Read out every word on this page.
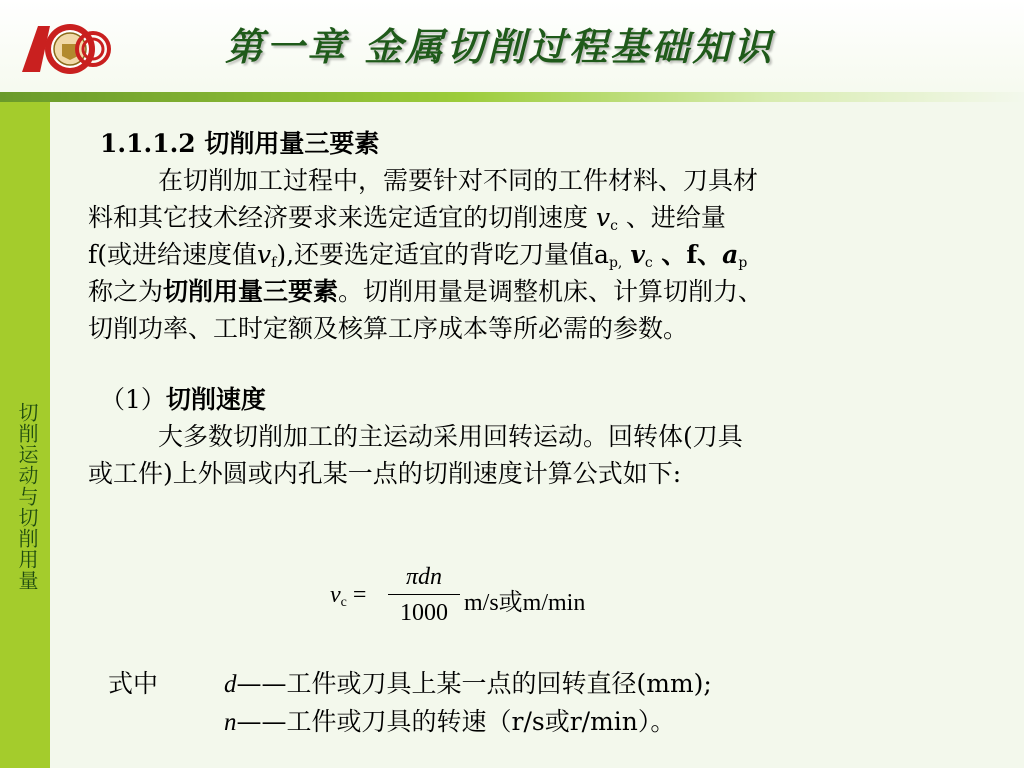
第一章 金属切削过程基础知识
切削运动与切削用量
1.1.1.2 切削用量三要素
在切削加工过程中，需要针对不同的工件材料、刀具材
料和其它技术经济要求来选定适宜的切削速度 $v_c$ 、进给量
f(或进给速度值$v_f$),还要选定适宜的背吃刀量值$a_{p,}$ $v_c$ 、f、$a_p$
称之为切削用量三要素。切削用量是调整机床、计算切削力、
切削功率、工时定额及核算工序成本等所必需的参数。
（1）切削速度
大多数切削加工的主运动采用回转运动。回转体(刀具
或工件)上外圆或内孔某一点的切削速度计算公式如下:
$v_c$ =
πdn
1000 m/s或m/min
式中	d——工件或刀具上某一点的回转直径(mm);
n——工件或刀具的转速（r/s或r/min）。
